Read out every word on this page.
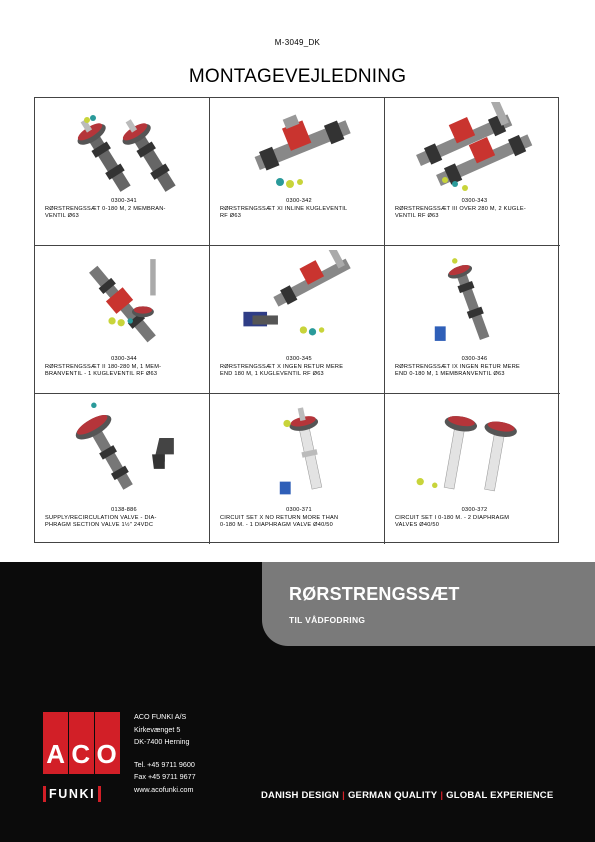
M-3049_DK
MONTAGEVEJLEDNING
0300-341
RØRSTRENGSSÆT 0-180 M, 2 MEMBRAN-
VENTIL Ø63
0300-342
RØRSTRENGSSÆT XI INLINE KUGLEVENTIL
RF Ø63
0300-343
RØRSTRENGSSÆT III OVER 280 M, 2 KUGLE-
VENTIL RF Ø63
0300-344
RØRSTRENGSSÆT II 180-280 M, 1 MEM-
BRANVENTIL - 1 KUGLEVENTIL RF Ø63
0300-345
RØRSTRENGSSÆT X INGEN RETUR MERE
END 180 M, 1 KUGLEVENTIL RF Ø63
0300-346
RØRSTRENGSSÆT IX INGEN RETUR MERE
END 0-180 M, 1 MEMBRANVENTIL Ø63
0138-886
SUPPLY/RECIRCULATION VALVE - DIA-
PHRAGM SECTION VALVE 1½" 24VDC
0300-371
CIRCUIT SET X NO RETURN MORE THAN
0-180 M. - 1 DIAPHRAGM VALVE Ø40/50
0300-372
CIRCUIT SET I 0-180 M. - 2 DIAPHRAGM
VALVES Ø40/50
RØRSTRENGSSÆT
TIL VÅDFODRING
A C O
FUNKI
ACO FUNKI A/S
Kirkevænget 5
DK-7400 Herning
Tel. +45 9711 9600
Fax +45 9711 9677
www.acofunki.com
DANISH DESIGN | GERMAN QUALITY | GLOBAL EXPERIENCE
